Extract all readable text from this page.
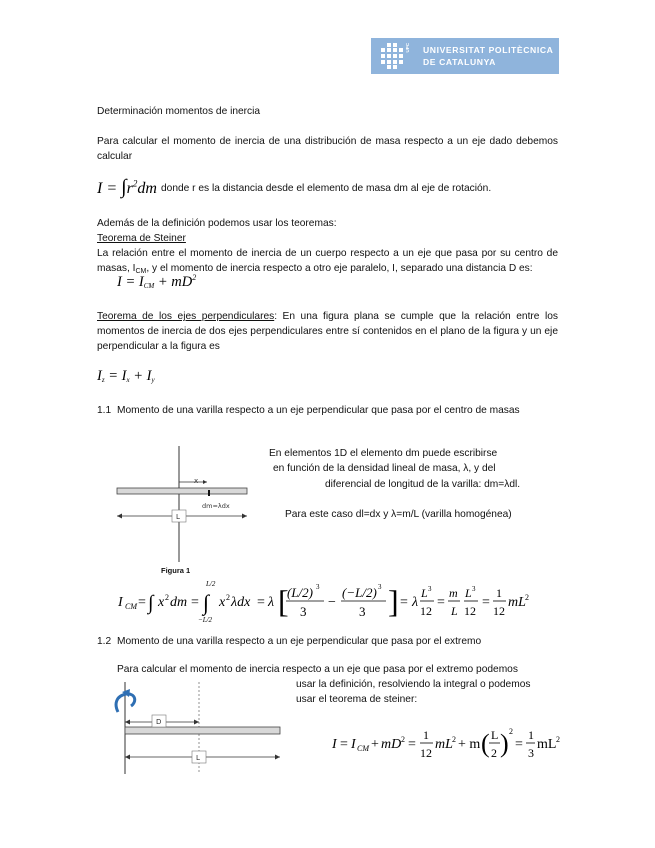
UPC	UNIVERSITAT POLITÈCNICA
DE CATALUNYA
Determinación momentos de inercia
Para calcular el momento de inercia de una distribución de masa respecto a un eje dado debemos calcular
$I = \int r^2dm$ donde r es la distancia desde el elemento de masa dm al eje de rotación.
Además de la definición podemos usar los teoremas:
Teorema de Steiner
La relación entre el momento de inercia de un cuerpo respecto a un eje que pasa por su centro de masas, $I_{CM}$, y el momento de inercia respecto a otro eje paralelo, I, separado una distancia D es:
$I = I_{CM} + mD^2$
Teorema de los ejes perpendiculares: En una figura plana se cumple que la relación entre los momentos de inercia de dos ejes perpendiculares entre sí contenidos en el plano de la figura y un eje perpendicular a la figura es
$I_z = I_x + I_y$
1.1 Momento de una varilla respecto a un eje perpendicular que pasa por el centro de masas
x
dm=λdx
L
En elementos 1D el elemento dm puede escribirse
en función de la densidad lineal de masa, λ, y del
diferencial de longitud de la varilla: dm=λdl.
Para este caso dl=dx y λ=m/L (varilla homogénea)
Figura 1
I CM = ∫ x 2 dm = ∫
L/2
−L/2
x 2 λdx = λ [
(L/2) 3
3
−
(−L/2) 3
3 ] = λ
L 3
12
=
m
L
L 3
12
=
1
12
mL 2
1.2 Momento de una varilla respecto a un eje perpendicular que pasa por el extremo
Para calcular el momento de inercia respecto a un eje que pasa por el extremo podemos
usar la definición, resolviendo la integral o podemos
usar el teorema de steiner:
D
L
I = I CM + mD 2 =
1
12
mL 2 + m ( L
2 ) 2
=
1
3
mL 2
